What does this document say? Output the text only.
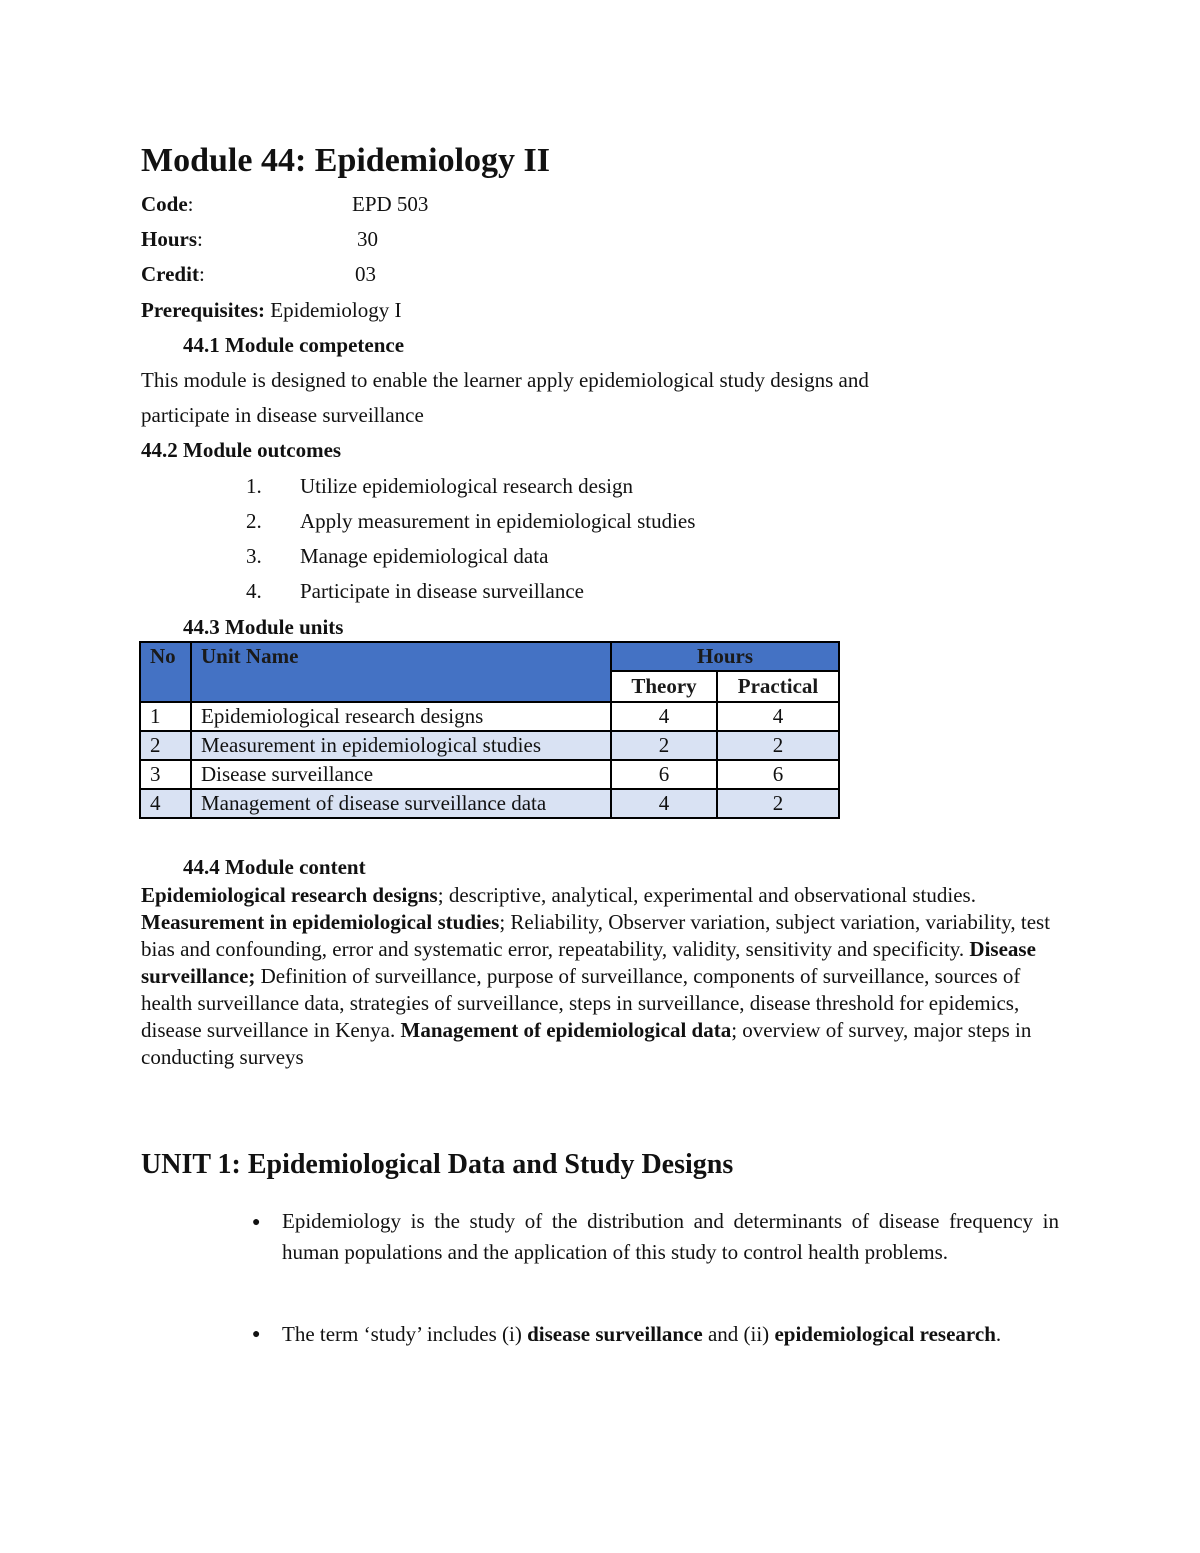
Module 44: Epidemiology II
Code:	EPD 503
Hours:	30
Credit:	03
Prerequisites: Epidemiology I
44.1 Module competence
This module is designed to enable the learner apply epidemiological study designs and
participate in disease surveillance
44.2 Module outcomes
1. Utilize epidemiological research design
2. Apply measurement in epidemiological studies
3. Manage epidemiological data
4. Participate in disease surveillance
44.3 Module units
No	Unit Name	Hours	
		Theory	Practical
1	Epidemiological research designs	4	4
2	Measurement in epidemiological studies	2	2
3	Disease surveillance	6	6
4	Management of disease surveillance data	4	2
44.4 Module content
Epidemiological research designs; descriptive, analytical, experimental and observational studies. Measurement in epidemiological studies; Reliability, Observer variation, subject variation, variability, test bias and confounding, error and systematic error, repeatability, validity, sensitivity and specificity. Disease surveillance; Definition of surveillance, purpose of surveillance, components of surveillance, sources of health surveillance data, strategies of surveillance, steps in surveillance, disease threshold for epidemics, disease surveillance in Kenya. Management of epidemiological data; overview of survey, major steps in conducting surveys
UNIT 1: Epidemiological Data and Study Designs
● Epidemiology is the study of the distribution and determinants of disease frequency in human populations and the application of this study to control health problems.
● The term ‘study’ includes (i) disease surveillance and (ii) epidemiological research.
